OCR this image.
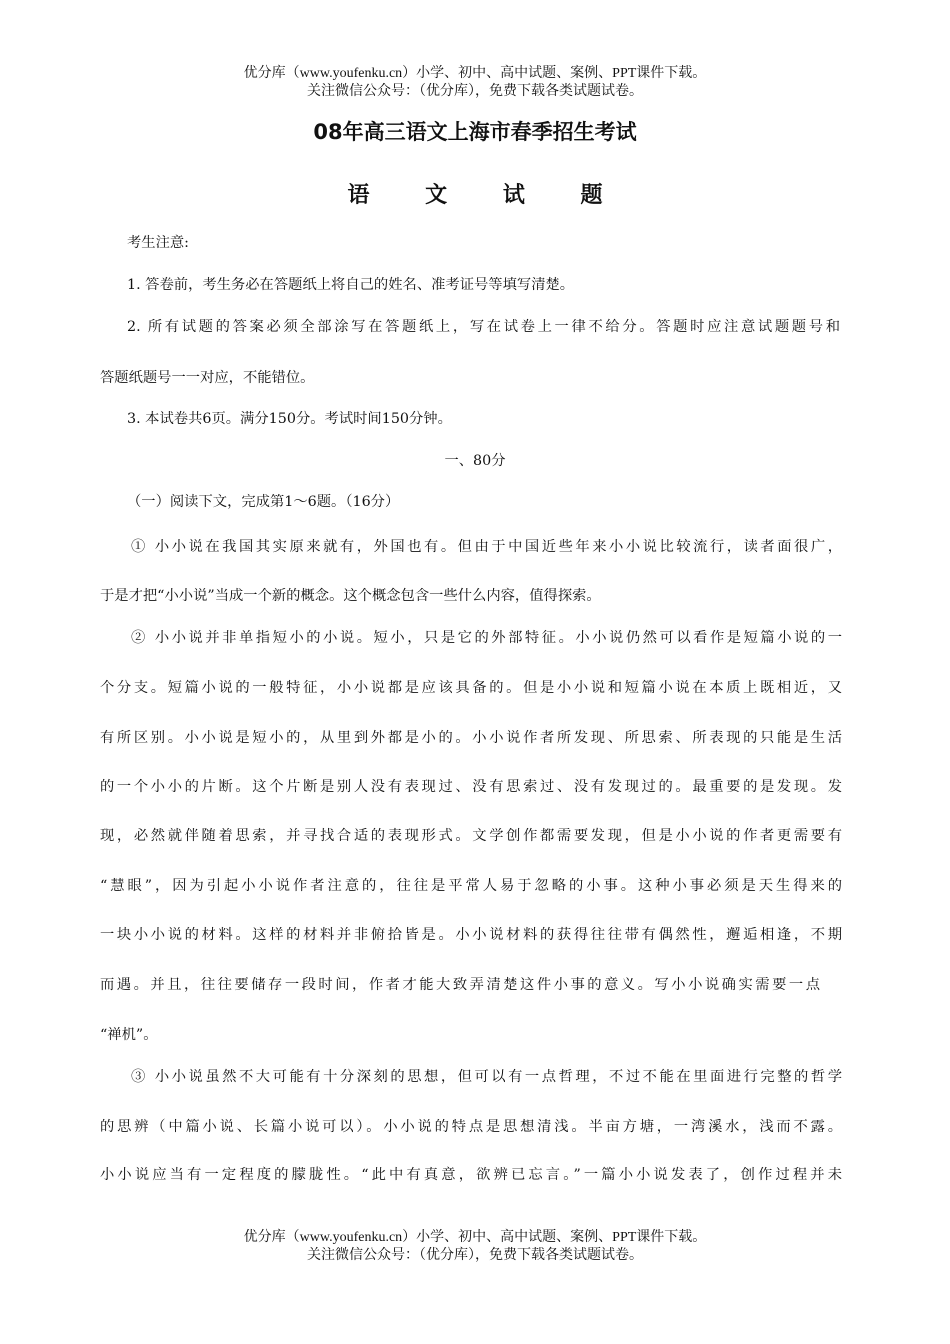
优分库（www.youfenku.cn）小学、初中、高中试题、案例、PPT课件下载。
关注微信公众号：（优分库），免费下载各类试题试卷。
08年高三语文上海市春季招生考试
语 文 试 题
考生注意:
1. 答卷前，考生务必在答题纸上将自己的姓名、准考证号等填写清楚。
2. 所有试题的答案必须全部涂写在答题纸上，写在试卷上一律不给分。答题时应注意试题题号和
答题纸题号一一对应，不能错位。
3. 本试卷共6页。满分150分。考试时间150分钟。
一、80分
（一）阅读下文，完成第1～6题。（16分）
① 小小说在我国其实原来就有，外国也有。但由于中国近些年来小小说比较流行，读者面很广，
于是才把“小小说”当成一个新的概念。这个概念包含一些什么内容，值得探索。
② 小小说并非单指短小的小说。短小，只是它的外部特征。小小说仍然可以看作是短篇小说的一
个分支。短篇小说的一般特征，小小说都是应该具备的。但是小小说和短篇小说在本质上既相近，又
有所区别。小小说是短小的，从里到外都是小的。小小说作者所发现、所思索、所表现的只能是生活
的一个小小的片断。这个片断是别人没有表现过、没有思索过、没有发现过的。最重要的是发现。发
现，必然就伴随着思索，并寻找合适的表现形式。文学创作都需要发现，但是小小说的作者更需要有
“慧眼”，因为引起小小说作者注意的，往往是平常人易于忽略的小事。这种小事必须是天生得来的
一块小小说的材料。这样的材料并非俯拾皆是。小小说材料的获得往往带有偶然性，邂逅相逢，不期
而遇。并且，往往要储存一段时间，作者才能大致弄清楚这件小事的意义。写小小说确实需要一点
“禅机”。
③ 小小说虽然不大可能有十分深刻的思想，但可以有一点哲理，不过不能在里面进行完整的哲学
的思辨（中篇小说、长篇小说可以）。小小说的特点是思想清浅。半亩方塘，一湾溪水，浅而不露。
小小说应当有一定程度的朦胧性。“此中有真意，欲辨已忘言。”一篇小小说发表了，创作过程并未
优分库（www.youfenku.cn）小学、初中、高中试题、案例、PPT课件下载。
关注微信公众号：（优分库），免费下载各类试题试卷。
